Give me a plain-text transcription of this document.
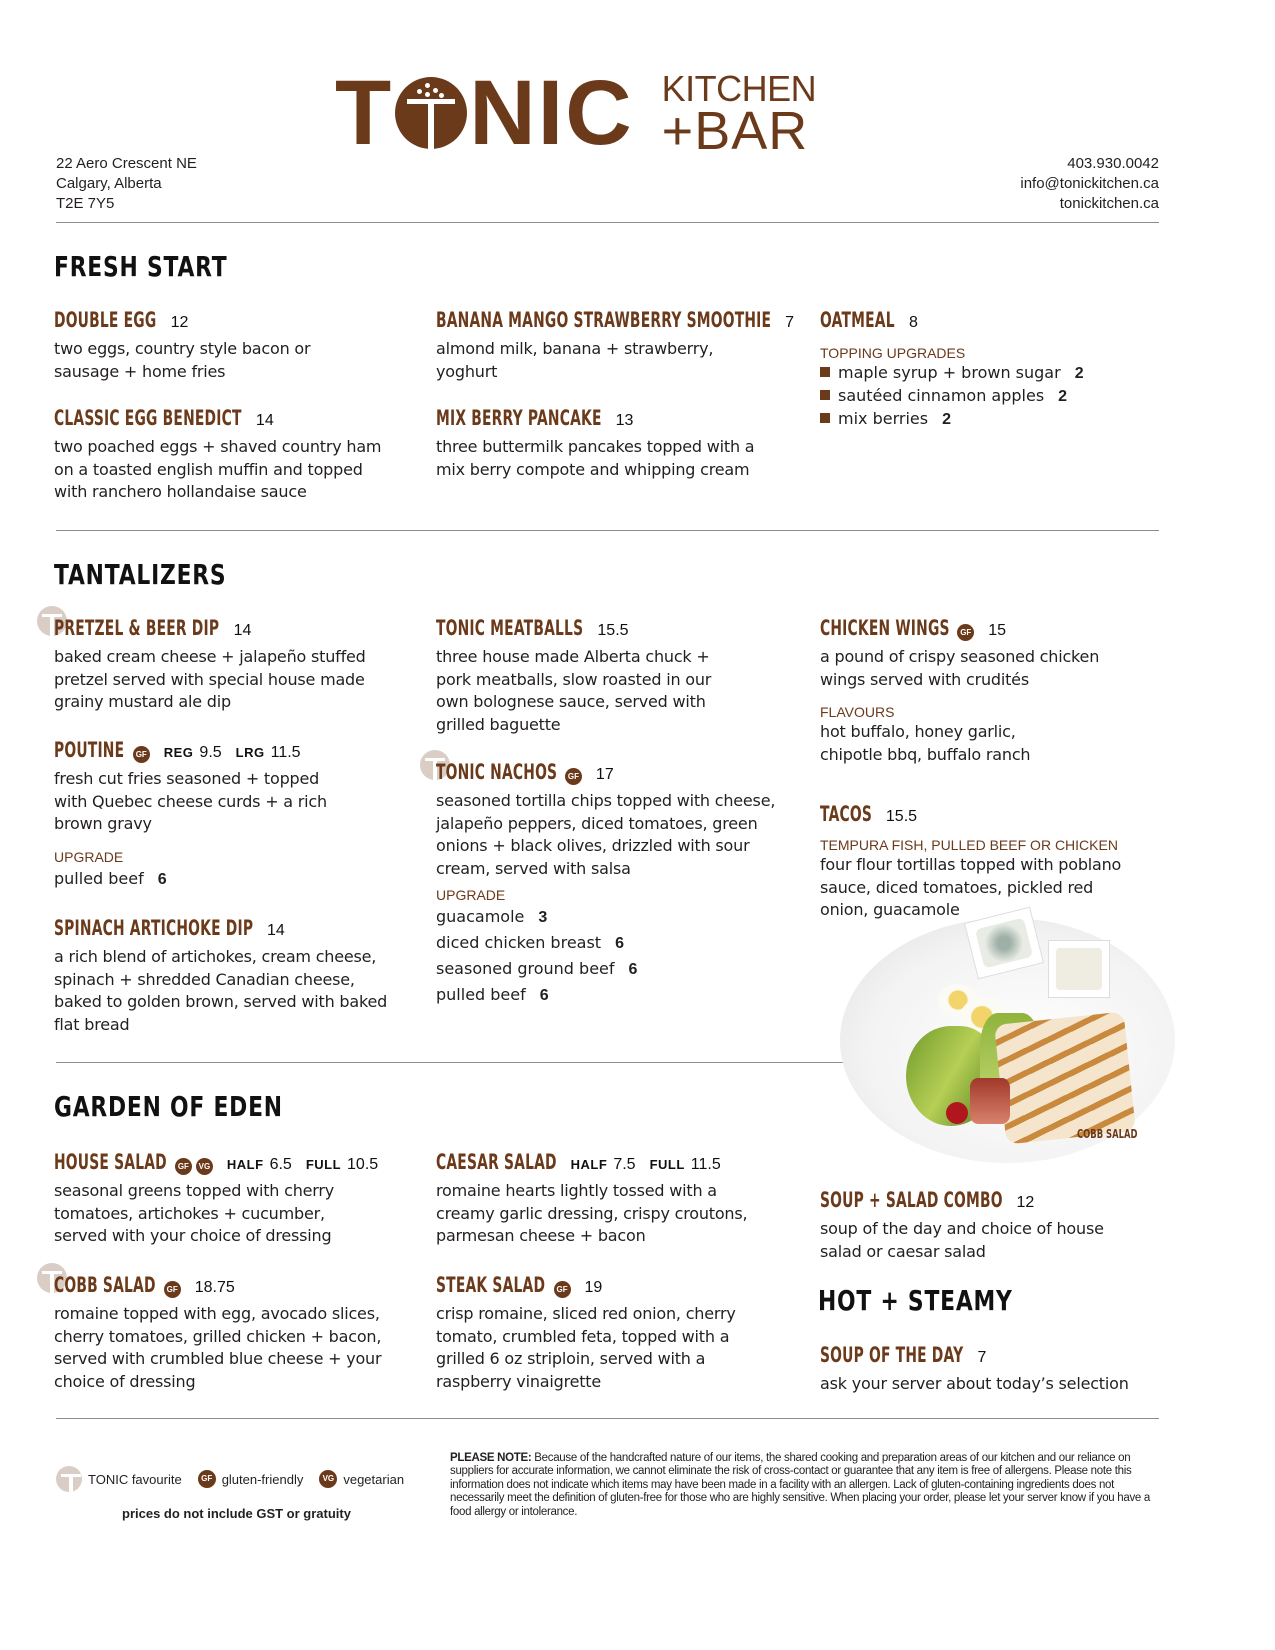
T NIC KITCHEN
+BAR
22 Aero Crescent NE
Calgary, Alberta
T2E 7Y5
403.930.0042
info@tonickitchen.ca
tonickitchen.ca
FRESH START
DOUBLE EGG 12
two eggs, country style bacon or sausage + home fries
CLASSIC EGG BENEDICT 14
two poached eggs + shaved country ham on a toasted english muffin and topped with ranchero hollandaise sauce
BANANA MANGO STRAWBERRY SMOOTHIE 7
almond milk, banana + strawberry, yoghurt
MIX BERRY PANCAKE 13
three buttermilk pancakes topped with a mix berry compote and whipping cream
OATMEAL 8
TOPPING UPGRADES
maple syrup + brown sugar 2
sautéed cinnamon apples 2
mix berries 2
TANTALIZERS
PRETZEL & BEER DIP 14
baked cream cheese + jalapeño stuffed pretzel served with special house made grainy mustard ale dip
POUTINE	GF REG 9.5 LRG 11.5
fresh cut fries seasoned + topped with Quebec cheese curds + a rich brown gravy
UPGRADE
pulled beef 6
SPINACH ARTICHOKE DIP 14
a rich blend of artichokes, cream cheese, spinach + shredded Canadian cheese, baked to golden brown, served with baked flat bread
TONIC MEATBALLS 15.5
three house made Alberta chuck + pork meatballs, slow roasted in our own bolognese sauce, served with grilled baguette
TONIC NACHOS	GF 17
seasoned tortilla chips topped with cheese, jalapeño peppers, diced tomatoes, green onions + black olives, drizzled with sour cream, served with salsa
UPGRADE
guacamole 3
diced chicken breast 6
seasoned ground beef 6
pulled beef 6
CHICKEN WINGS	GF 15
a pound of crispy seasoned chicken wings served with crudités
FLAVOURS
hot buffalo, honey garlic, chipotle bbq, buffalo ranch
TACOS 15.5
TEMPURA FISH, PULLED BEEF OR CHICKEN
four flour tortillas topped with poblano sauce, diced tomatoes, pickled red onion, guacamole
COBB SALAD
GARDEN OF EDEN
HOUSE SALAD	GF	VG HALF 6.5 FULL 10.5
seasonal greens topped with cherry tomatoes, artichokes + cucumber, served with your choice of dressing
COBB SALAD	GF 18.75
romaine topped with egg, avocado slices, cherry tomatoes, grilled chicken + bacon, served with crumbled blue cheese + your choice of dressing
CAESAR SALAD HALF 7.5 FULL 11.5
romaine hearts lightly tossed with a creamy garlic dressing, crispy croutons, parmesan cheese + bacon
STEAK SALAD	GF 19
crisp romaine, sliced red onion, cherry tomato, crumbled feta, topped with a grilled 6 oz striploin, served with a raspberry vinaigrette
SOUP + SALAD COMBO 12
soup of the day and choice of house salad or caesar salad
HOT + STEAMY
SOUP OF THE DAY 7
ask your server about today’s selection
TONIC favourite	GF gluten-friendly	VG vegetarian
prices do not include GST or gratuity
PLEASE NOTE: Because of the handcrafted nature of our items, the shared cooking and preparation areas of our kitchen and our reliance on suppliers for accurate information, we cannot eliminate the risk of cross-contact or guarantee that any item is free of allergens. Please note this information does not indicate which items may have been made in a facility with an allergen. Lack of gluten-containing ingredients does not necessarily meet the definition of gluten-free for those who are highly sensitive. When placing your order, please let your server know if you have a food allergy or intolerance.
